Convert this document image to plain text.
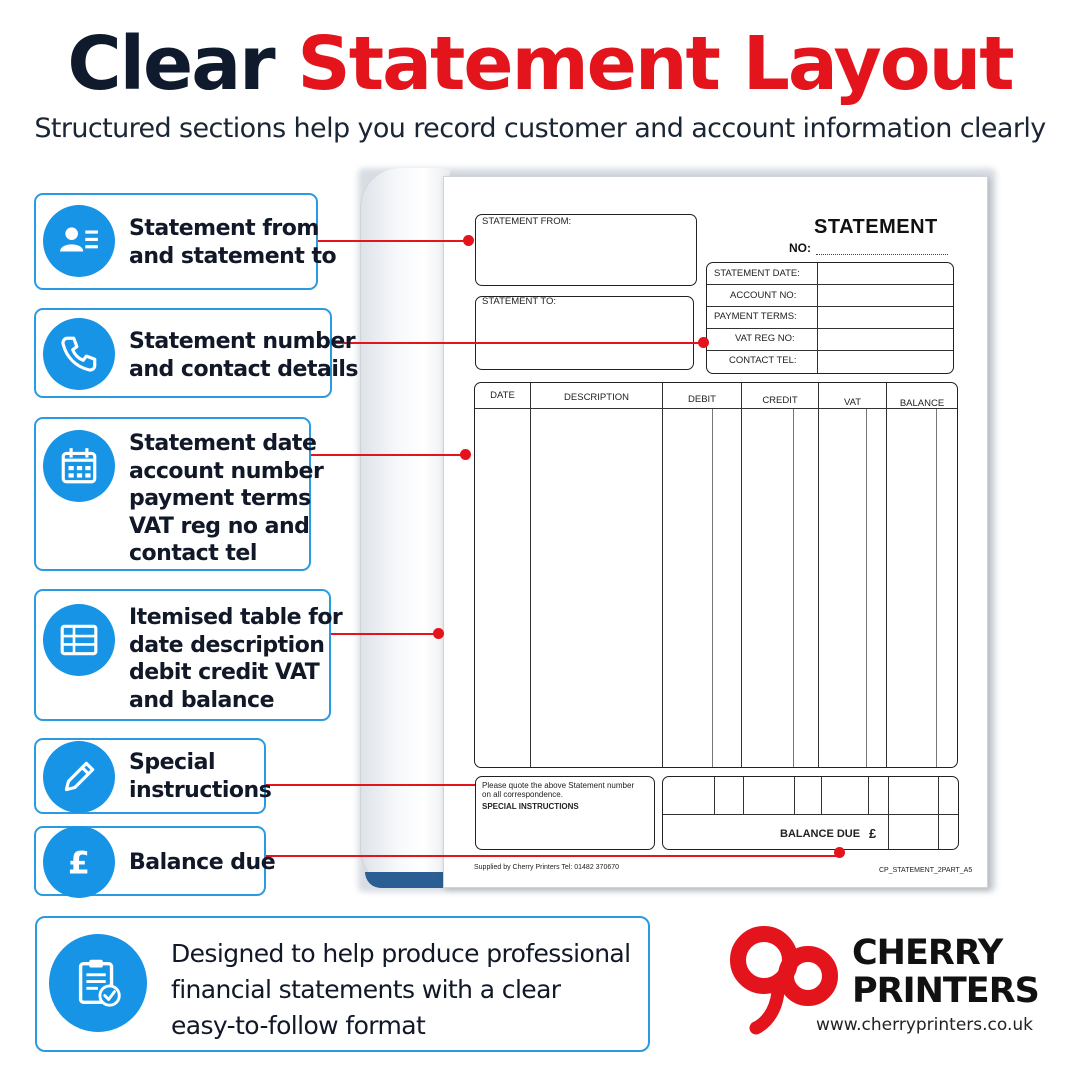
Clear Statement Layout
Structured sections help you record customer and account information clearly
STATEMENT FROM:
STATEMENT TO:
STATEMENT
NO:
STATEMENT DATE:
ACCOUNT NO:
PAYMENT TERMS:
VAT REG NO:
CONTACT TEL:
DATE	DESCRIPTION	DEBIT	CREDIT	VAT	BALANCE
Please quote the above Statement number
on all correspondence.
SPECIAL INSTRUCTIONS
BALANCE DUE £
Supplied by Cherry Printers Tel: 01482 370670	CP_STATEMENT_2PART_A5
Statement from
and statement to
Statement number
and contact details
Statement date
account number
payment terms
VAT reg no and
contact tel
Itemised table for
date description
debit credit VAT
and balance
Special
instructions
£ Balance due
Designed to help produce professional
financial statements with a clear
easy-to-follow format
CHERRY
PRINTERS
www.cherryprinters.co.uk
